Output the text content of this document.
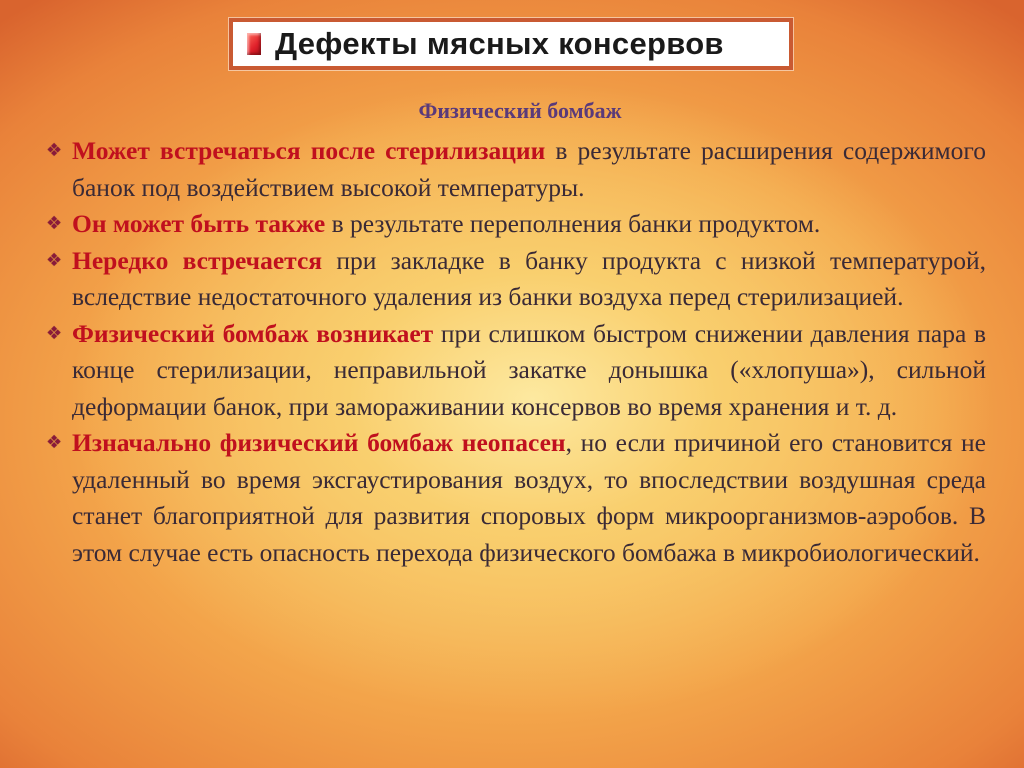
Дефекты мясных консервов
Физический бомбаж
❖ Может встречаться после стерилизации в результате расширения содержимого банок под воздействием высокой температуры.
❖ Он может быть также в результате переполнения банки продуктом.
❖ Нередко встречается при закладке в банку продукта с низкой температурой, вследствие недостаточного удаления из банки воздуха перед стерилизацией.
❖ Физический бомбаж возникает при слишком быстром снижении давления пара в конце стерилизации, неправильной закатке донышка («хлопуша»), сильной деформации банок, при замораживании консервов во время хранения и т. д.
❖ Изначально физический бомбаж неопасен, но если причиной его становится не удаленный во время эксгаустирования воздух, то впоследствии воздушная среда станет благоприятной для развития споровых форм микроорганизмов-аэробов. В этом случае есть опасность перехода физического бомбажа в микробиологический.
